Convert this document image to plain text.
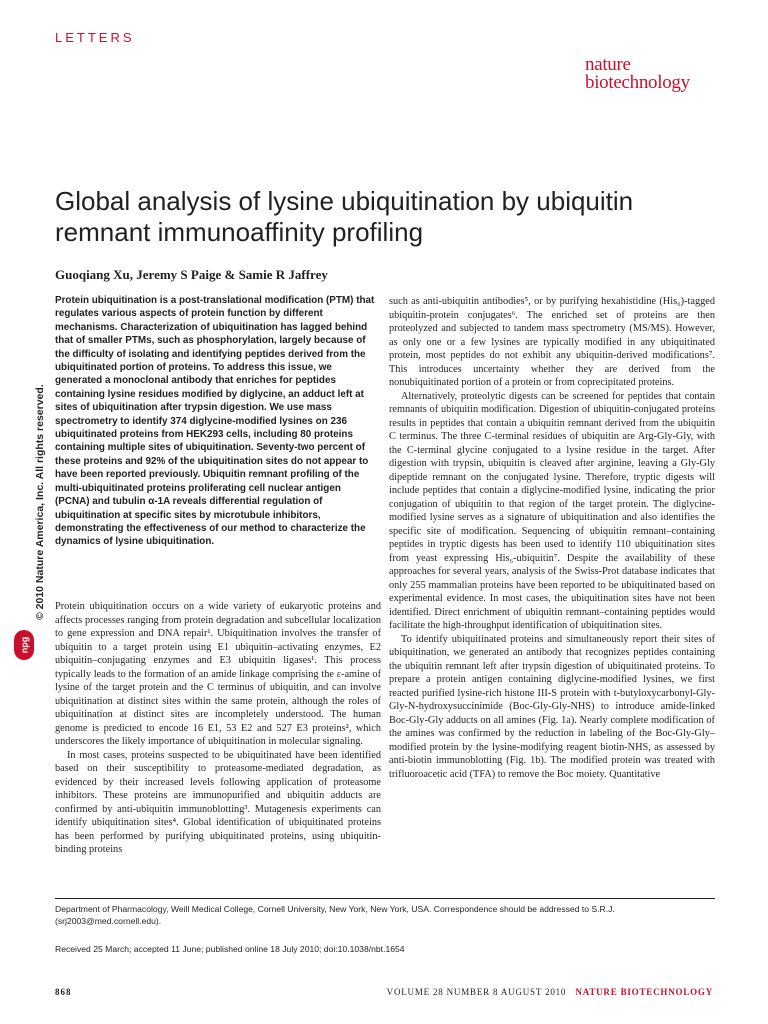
LETTERS
nature
biotechnology
© 2010 Nature America, Inc. All rights reserved.
npg
Global analysis of lysine ubiquitination by ubiquitin remnant immunoaffinity profiling
Guoqiang Xu, Jeremy S Paige & Samie R Jaffrey
Protein ubiquitination is a post-translational modification (PTM) that regulates various aspects of protein function by different mechanisms. Characterization of ubiquitination has lagged behind that of smaller PTMs, such as phosphorylation, largely because of the difficulty of isolating and identifying peptides derived from the ubiquitinated portion of proteins. To address this issue, we generated a monoclonal antibody that enriches for peptides containing lysine residues modified by diglycine, an adduct left at sites of ubiquitination after trypsin digestion. We use mass spectrometry to identify 374 diglycine-modified lysines on 236 ubiquitinated proteins from HEK293 cells, including 80 proteins containing multiple sites of ubiquitination. Seventy-two percent of these proteins and 92% of the ubiquitination sites do not appear to have been reported previously. Ubiquitin remnant profiling of the multi-ubiquitinated proteins proliferating cell nuclear antigen (PCNA) and tubulin α-1A reveals differential regulation of ubiquitination at specific sites by microtubule inhibitors, demonstrating the effectiveness of our method to characterize the dynamics of lysine ubiquitination.

Protein ubiquitination occurs on a wide variety of eukaryotic proteins and affects processes ranging from protein degradation and subcellular localization to gene expression and DNA repair¹. Ubiquitination involves the transfer of ubiquitin to a target protein using E1 ubiquitin–activating enzymes, E2 ubiquitin–conjugating enzymes and E3 ubiquitin ligases¹. This process typically leads to the formation of an amide linkage comprising the ε-amine of lysine of the target protein and the C terminus of ubiquitin, and can involve ubiquitination at distinct sites within the same protein, although the roles of ubiquitination at distinct sites are incompletely understood. The human genome is predicted to encode 16 E1, 53 E2 and 527 E3 proteins², which underscores the likely importance of ubiquitination in molecular signaling.

In most cases, proteins suspected to be ubiquitinated have been identified based on their susceptibility to proteasome-mediated degradation, as evidenced by their increased levels following application of proteasome inhibitors. These proteins are immunopurified and ubiquitin adducts are confirmed by anti-ubiquitin immunoblotting³. Mutagenesis experiments can identify ubiquitination sites⁴. Global identification of ubiquitinated proteins has been performed by purifying ubiquitinated proteins, using ubiquitin-binding proteins

such as anti-ubiquitin antibodies⁵, or by purifying hexahistidine (His₆)-tagged ubiquitin-protein conjugates⁶. The enriched set of proteins are then proteolyzed and subjected to tandem mass spectrometry (MS/MS). However, as only one or a few lysines are typically modified in any ubiquitinated protein, most peptides do not exhibit any ubiquitin-derived modifications⁷. This introduces uncertainty whether they are derived from the nonubiquitinated portion of a protein or from coprecipitated proteins.

Alternatively, proteolytic digests can be screened for peptides that contain remnants of ubiquitin modification. Digestion of ubiquitin-conjugated proteins results in peptides that contain a ubiquitin remnant derived from the ubiquitin C terminus. The three C-terminal residues of ubiquitin are Arg-Gly-Gly, with the C-terminal glycine conjugated to a lysine residue in the target. After digestion with trypsin, ubiquitin is cleaved after arginine, leaving a Gly-Gly dipeptide remnant on the conjugated lysine. Therefore, tryptic digests will include peptides that contain a diglycine-modified lysine, indicating the prior conjugation of ubiquitin to that region of the target protein. The diglycine-modified lysine serves as a signature of ubiquitination and also identifies the specific site of modification. Sequencing of ubiquitin remnant–containing peptides in tryptic digests has been used to identify 110 ubiquitination sites from yeast expressing His₆-ubiquitin⁷. Despite the availability of these approaches for several years, analysis of the Swiss-Prot database indicates that only 255 mammalian proteins have been reported to be ubiquitinated based on experimental evidence. In most cases, the ubiquitination sites have not been identified. Direct enrichment of ubiquitin remnant–containing peptides would facilitate the high-throughput identification of ubiquitination sites.

To identify ubiquitinated proteins and simultaneously report their sites of ubiquitination, we generated an antibody that recognizes peptides containing the ubiquitin remnant left after trypsin digestion of ubiquitinated proteins. To prepare a protein antigen containing diglycine-modified lysines, we first reacted purified lysine-rich histone III-S protein with t-butyloxycarbonyl-Gly-Gly-N-hydroxysuccinimide (Boc-Gly-Gly-NHS) to introduce amide-linked Boc-Gly-Gly adducts on all amines (Fig. 1a). Nearly complete modification of the amines was confirmed by the reduction in labeling of the Boc-Gly-Gly–modified protein by the lysine-modifying reagent biotin-NHS, as assessed by anti-biotin immunoblotting (Fig. 1b). The modified protein was treated with trifluoroacetic acid (TFA) to remove the Boc moiety. Quantitative

Department of Pharmacology, Weill Medical College, Cornell University, New York, New York, USA. Correspondence should be addressed to S.R.J. (srj2003@med.cornell.edu).
Received 25 March; accepted 11 June; published online 18 July 2010; doi:10.1038/nbt.1654
868	VOLUME 28 NUMBER 8 AUGUST 2010 NATURE BIOTECHNOLOGY
